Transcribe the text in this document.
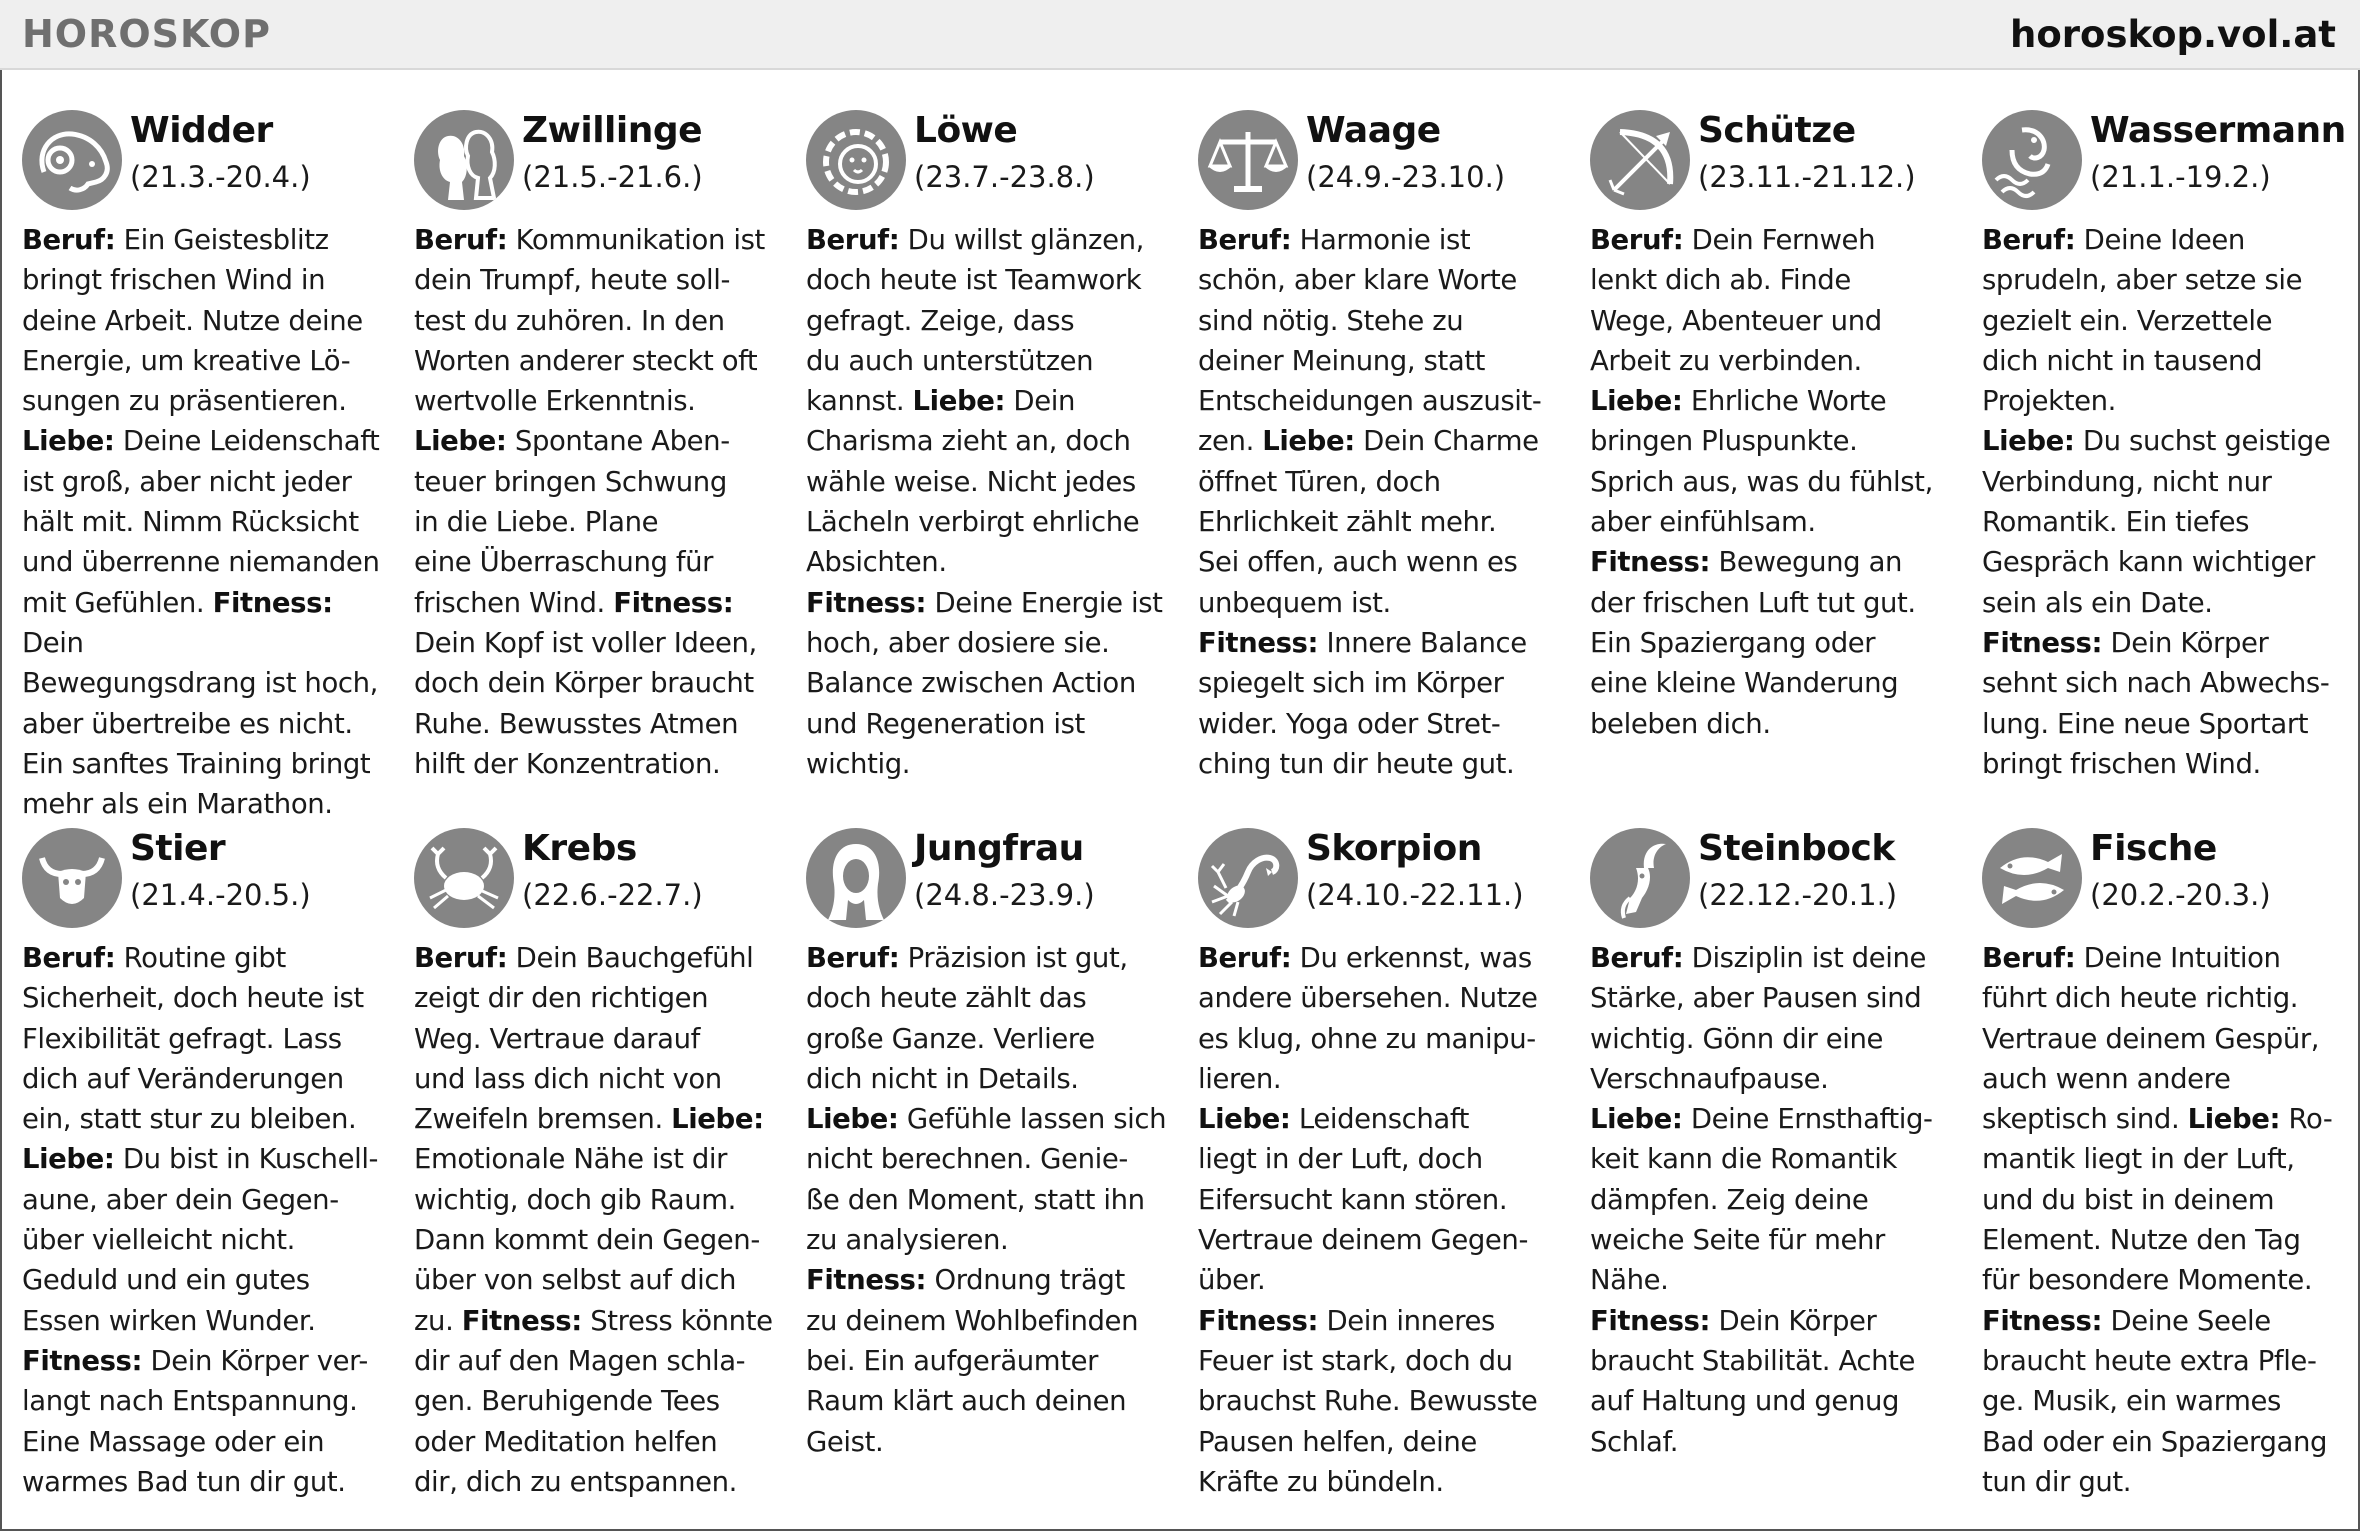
HOROSKOP	horoskop.vol.at
Widder
(21.3.-20.4.)

Beruf: Ein Geistesblitz
bringt frischen Wind in
deine Arbeit. Nutze deine
Energie, um kreative Lö-
sungen zu präsentieren.
Liebe: Deine Leidenschaft
ist groß, aber nicht jeder
hält mit. Nimm Rücksicht
und überrenne niemanden
mit Gefühlen. Fitness: Dein
Bewegungsdrang ist hoch,
aber übertreibe es nicht.
Ein sanftes Training bringt
mehr als ein Marathon.

Zwillinge
(21.5.-21.6.)

Beruf: Kommunikation ist
dein Trumpf, heute soll-
test du zuhören. In den
Worten anderer steckt oft
wertvolle Erkenntnis.
Liebe: Spontane Aben-
teuer bringen Schwung
in die Liebe. Plane
eine Überraschung für
frischen Wind. Fitness:
Dein Kopf ist voller Ideen,
doch dein Körper braucht
Ruhe. Bewusstes Atmen
hilft der Konzentration.

Löwe
(23.7.-23.8.)

Beruf: Du willst glänzen,
doch heute ist Teamwork
gefragt. Zeige, dass
du auch unterstützen
kannst. Liebe: Dein
Charisma zieht an, doch
wähle weise. Nicht jedes
Lächeln verbirgt ehrliche
Absichten.
Fitness: Deine Energie ist
hoch, aber dosiere sie.
Balance zwischen Action
und Regeneration ist
wichtig.

Waage
(24.9.-23.10.)

Beruf: Harmonie ist
schön, aber klare Worte
sind nötig. Stehe zu
deiner Meinung, statt
Entscheidungen auszusit-
zen. Liebe: Dein Charme
öffnet Türen, doch
Ehrlichkeit zählt mehr.
Sei offen, auch wenn es
unbequem ist.
Fitness: Innere Balance
spiegelt sich im Körper
wider. Yoga oder Stret-
ching tun dir heute gut.

Schütze
(23.11.-21.12.)

Beruf: Dein Fernweh
lenkt dich ab. Finde
Wege, Abenteuer und
Arbeit zu verbinden.
Liebe: Ehrliche Worte
bringen Pluspunkte.
Sprich aus, was du fühlst,
aber einfühlsam.
Fitness: Bewegung an
der frischen Luft tut gut.
Ein Spaziergang oder
eine kleine Wanderung
beleben dich.

Wassermann
(21.1.-19.2.)

Beruf: Deine Ideen
sprudeln, aber setze sie
gezielt ein. Verzettele
dich nicht in tausend
Projekten.
Liebe: Du suchst geistige
Verbindung, nicht nur
Romantik. Ein tiefes
Gespräch kann wichtiger
sein als ein Date.
Fitness: Dein Körper
sehnt sich nach Abwechs-
lung. Eine neue Sportart
bringt frischen Wind.

Stier
(21.4.-20.5.)

Beruf: Routine gibt
Sicherheit, doch heute ist
Flexibilität gefragt. Lass
dich auf Veränderungen
ein, statt stur zu bleiben.
Liebe: Du bist in Kuschell-
aune, aber dein Gegen-
über vielleicht nicht.
Geduld und ein gutes
Essen wirken Wunder.
Fitness: Dein Körper ver-
langt nach Entspannung.
Eine Massage oder ein
warmes Bad tun dir gut.

Krebs
(22.6.-22.7.)

Beruf: Dein Bauchgefühl
zeigt dir den richtigen
Weg. Vertraue darauf
und lass dich nicht von
Zweifeln bremsen. Liebe:
Emotionale Nähe ist dir
wichtig, doch gib Raum.
Dann kommt dein Gegen-
über von selbst auf dich
zu. Fitness: Stress könnte
dir auf den Magen schla-
gen. Beruhigende Tees
oder Meditation helfen
dir, dich zu entspannen.

Jungfrau
(24.8.-23.9.)

Beruf: Präzision ist gut,
doch heute zählt das
große Ganze. Verliere
dich nicht in Details.
Liebe: Gefühle lassen sich
nicht berechnen. Genie-
ße den Moment, statt ihn
zu analysieren.
Fitness: Ordnung trägt
zu deinem Wohlbefinden
bei. Ein aufgeräumter
Raum klärt auch deinen
Geist.

Skorpion
(24.10.-22.11.)

Beruf: Du erkennst, was
andere übersehen. Nutze
es klug, ohne zu manipu-
lieren.
Liebe: Leidenschaft
liegt in der Luft, doch
Eifersucht kann stören.
Vertraue deinem Gegen-
über.
Fitness: Dein inneres
Feuer ist stark, doch du
brauchst Ruhe. Bewusste
Pausen helfen, deine
Kräfte zu bündeln.

Steinbock
(22.12.-20.1.)

Beruf: Disziplin ist deine
Stärke, aber Pausen sind
wichtig. Gönn dir eine
Verschnaufpause.
Liebe: Deine Ernsthaftig-
keit kann die Romantik
dämpfen. Zeig deine
weiche Seite für mehr
Nähe.
Fitness: Dein Körper
braucht Stabilität. Achte
auf Haltung und genug
Schlaf.

Fische
(20.2.-20.3.)

Beruf: Deine Intuition
führt dich heute richtig.
Vertraue deinem Gespür,
auch wenn andere
skeptisch sind. Liebe: Ro-
mantik liegt in der Luft,
und du bist in deinem
Element. Nutze den Tag
für besondere Momente.
Fitness: Deine Seele
braucht heute extra Pfle-
ge. Musik, ein warmes
Bad oder ein Spaziergang
tun dir gut.
